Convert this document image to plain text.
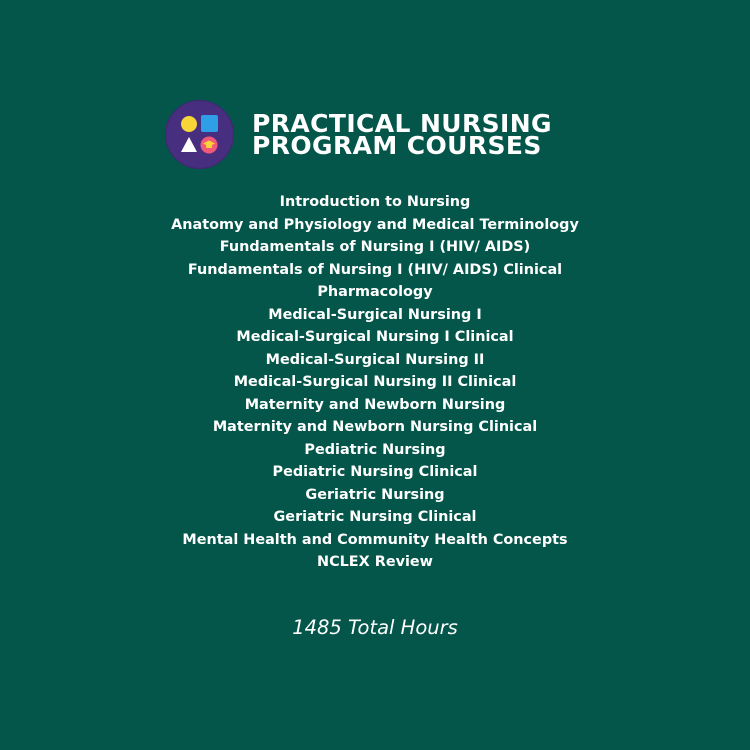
PRACTICAL NURSING
PROGRAM COURSES
Introduction to Nursing
Anatomy and Physiology and Medical Terminology
Fundamentals of Nursing I (HIV/ AIDS)
Fundamentals of Nursing I (HIV/ AIDS) Clinical
Pharmacology
Medical-Surgical Nursing I
Medical-Surgical Nursing I Clinical
Medical-Surgical Nursing II
Medical-Surgical Nursing II Clinical
Maternity and Newborn Nursing
Maternity and Newborn Nursing Clinical
Pediatric Nursing
Pediatric Nursing Clinical
Geriatric Nursing
Geriatric Nursing Clinical
Mental Health and Community Health Concepts
NCLEX Review
1485 Total Hours
